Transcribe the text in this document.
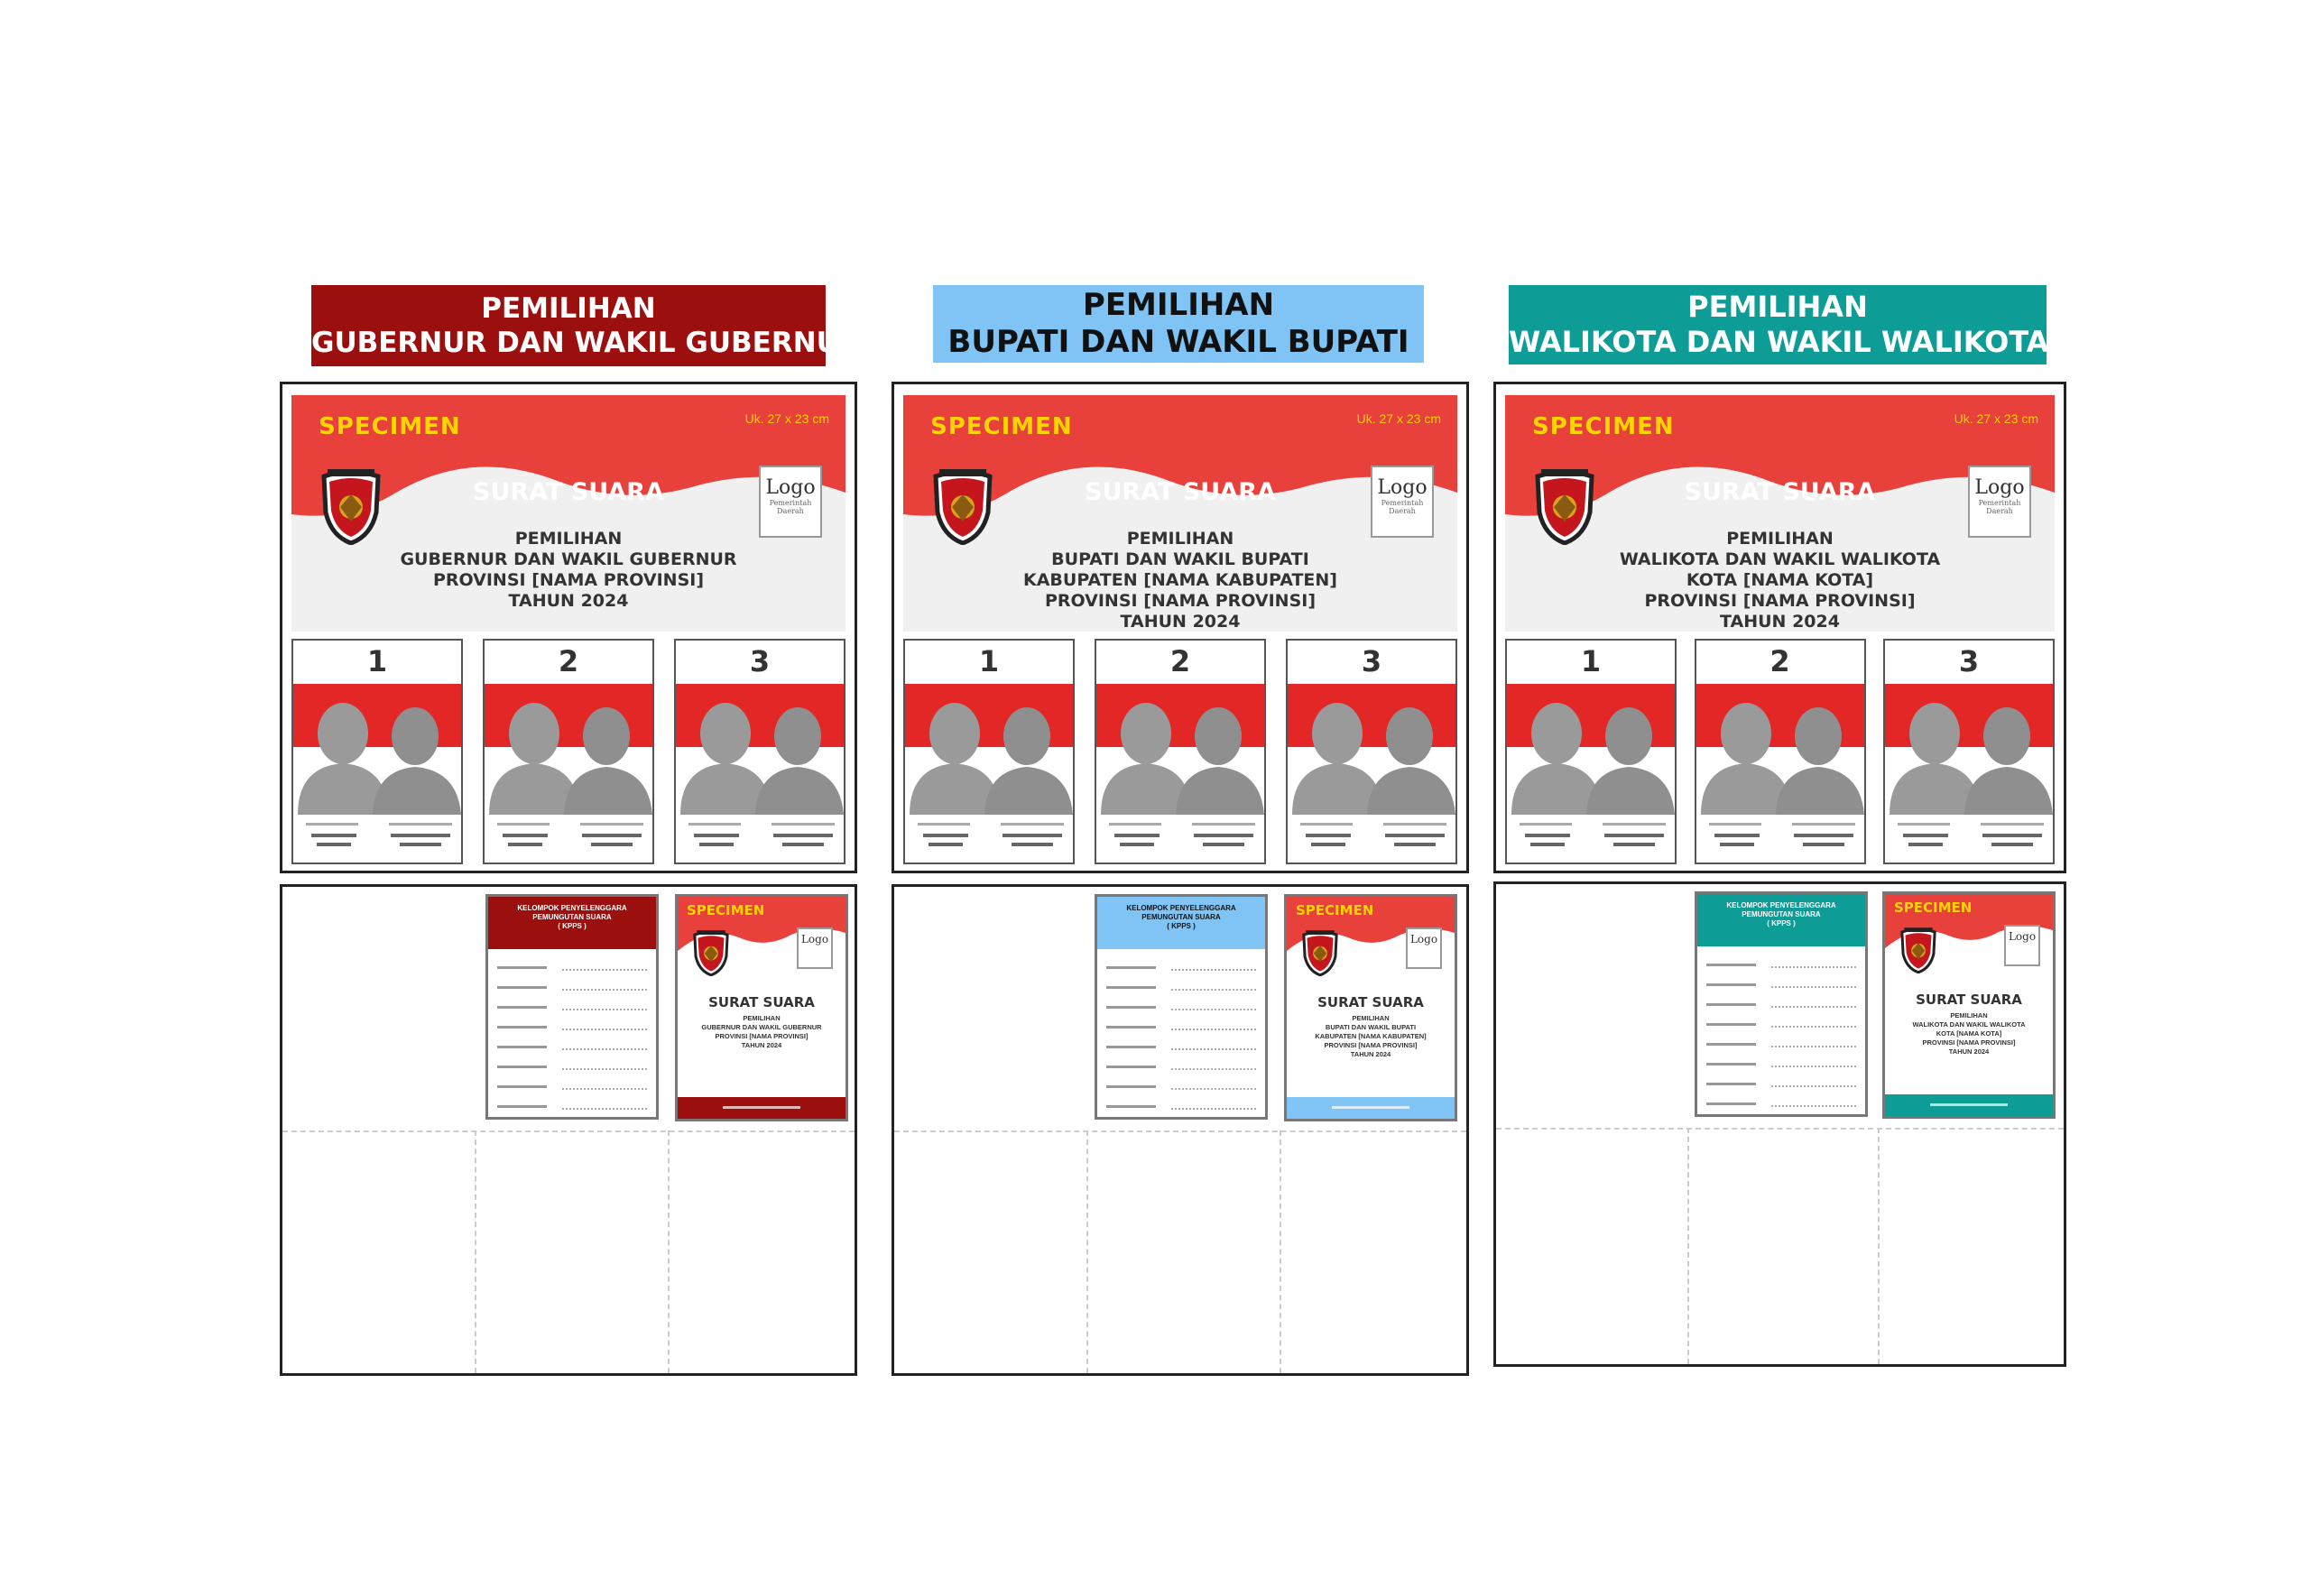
PEMILIHAN
GUBERNUR DAN WAKIL GUBERNUR
SPECIMEN	Uk. 27 x 23 cm
SURAT SUARA	Logo
Pemerintah Daerah
PEMILIHAN
GUBERNUR DAN WAKIL GUBERNUR
PROVINSI [NAMA PROVINSI]
TAHUN 2024
1	2	3
KELOMPOK PENYELENGGARA
PEMUNGUTAN SUARA
( KPPS )
SPECIMEN
Logo
SURAT SUARA
PEMILIHAN
GUBERNUR DAN WAKIL GUBERNUR
PROVINSI [NAMA PROVINSI]
TAHUN 2024
PEMILIHAN
BUPATI DAN WAKIL BUPATI
SPECIMEN	Uk. 27 x 23 cm
SURAT SUARA	Logo
Pemerintah Daerah
PEMILIHAN
BUPATI DAN WAKIL BUPATI
KABUPATEN [NAMA KABUPATEN]
PROVINSI [NAMA PROVINSI]
TAHUN 2024
1	2	3
KELOMPOK PENYELENGGARA
PEMUNGUTAN SUARA
( KPPS )
SPECIMEN
Logo
SURAT SUARA
PEMILIHAN
BUPATI DAN WAKIL BUPATI
KABUPATEN [NAMA KABUPATEN]
PROVINSI [NAMA PROVINSI]
TAHUN 2024
PEMILIHAN
WALIKOTA DAN WAKIL WALIKOTA
SPECIMEN	Uk. 27 x 23 cm
SURAT SUARA	Logo
Pemerintah Daerah
PEMILIHAN
WALIKOTA DAN WAKIL WALIKOTA
KOTA [NAMA KOTA]
PROVINSI [NAMA PROVINSI]
TAHUN 2024
1	2	3
KELOMPOK PENYELENGGARA
PEMUNGUTAN SUARA
( KPPS )
SPECIMEN
Logo
SURAT SUARA
PEMILIHAN
WALIKOTA DAN WAKIL WALIKOTA
KOTA [NAMA KOTA]
PROVINSI [NAMA PROVINSI]
TAHUN 2024
